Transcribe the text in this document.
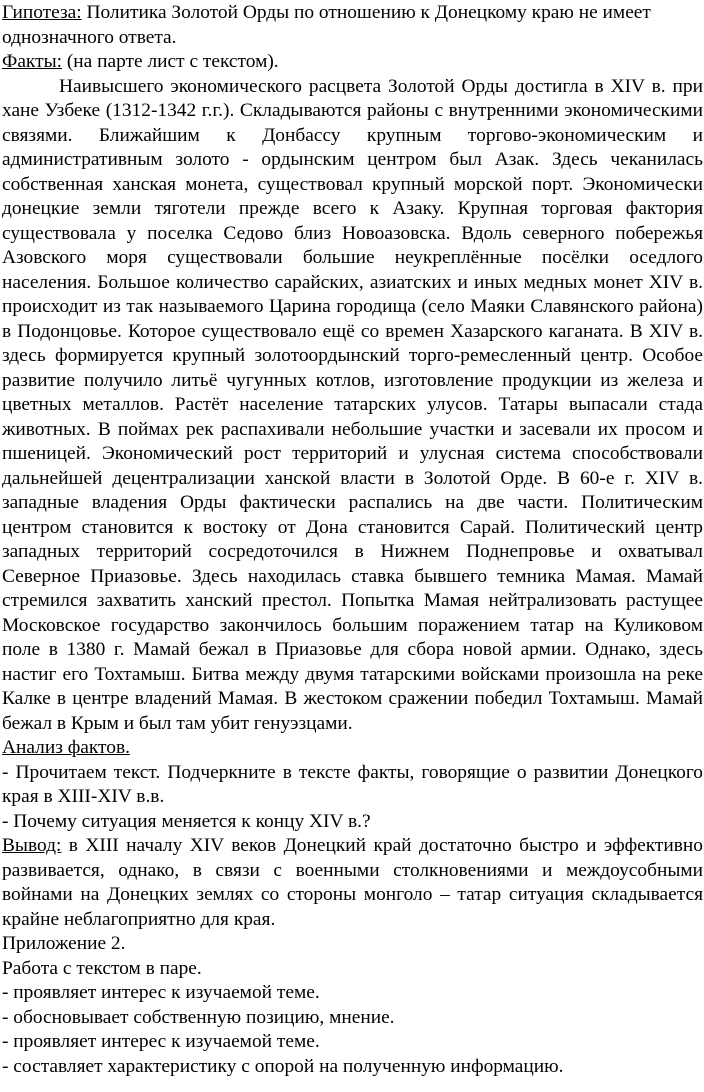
Гипотеза: Политика Золотой Орды по отношению к Донецкому краю не имеет однозначного ответа.

Факты: (на парте лист с текстом).

Наивысшего экономического расцвета Золотой Орды достигла в XIV в. при хане Узбеке (1312-1342 г.г.). Складываются районы с внутренними экономическими связями. Ближайшим к Донбассу крупным торгово-экономическим и административным золото - ордынским центром был Азак. Здесь чеканилась собственная ханская монета, существовал крупный морской порт. Экономически донецкие земли тяготели прежде всего к Азаку. Крупная торговая фактория существовала у поселка Седово близ Новоазовска. Вдоль северного побережья Азовского моря существовали большие неукреплённые посёлки оседлого населения. Большое количество сарайских, азиатских и иных медных монет XIV в. происходит из так называемого Царина городища (село Маяки Славянского района) в Подонцовье. Которое существовало ещё со времен Хазарского каганата. В XIV в. здесь формируется крупный золотоордынский торго-ремесленный центр. Особое развитие получило литьё чугунных котлов, изготовление продукции из железа и цветных металлов. Растёт население татарских улусов. Татары выпасали стада животных. В поймах рек распахивали небольшие участки и засевали их просом и пшеницей. Экономический рост территорий и улусная система способствовали дальнейшей децентрализации ханской власти в Золотой Орде. В 60-е г. XIV в. западные владения Орды фактически распались на две части. Политическим центром становится к востоку от Дона становится Сарай. Политический центр западных территорий сосредоточился в Нижнем Поднепровье и охватывал Северное Приазовье. Здесь находилась ставка бывшего темника Мамая. Мамай стремился захватить ханский престол. Попытка Мамая нейтрализовать растущее Московское государство закончилось большим поражением татар на Куликовом поле в 1380 г. Мамай бежал в Приазовье для сбора новой армии. Однако, здесь настиг его Тохтамыш. Битва между двумя татарскими войсками произошла на реке Калке в центре владений Мамая. В жестоком сражении победил Тохтамыш. Мамай бежал в Крым и был там убит генуэзцами.

Анализ фактов.

- Прочитаем текст. Подчеркните в тексте факты, говорящие о развитии Донецкого края в XIII-XIV в.в.

- Почему ситуация меняется к концу XIV в.?

Вывод: в XIII началу XIV веков Донецкий край достаточно быстро и эффективно развивается, однако, в связи с военными столкновениями и междоусобными войнами на Донецких землях со стороны монголо – татар ситуация складывается крайне неблагоприятно для края.

Приложение 2.

Работа с текстом в паре.

- проявляет интерес к изучаемой теме.

- обосновывает собственную позицию, мнение.

- проявляет интерес к изучаемой теме.

- составляет характеристику с опорой на полученную информацию.
